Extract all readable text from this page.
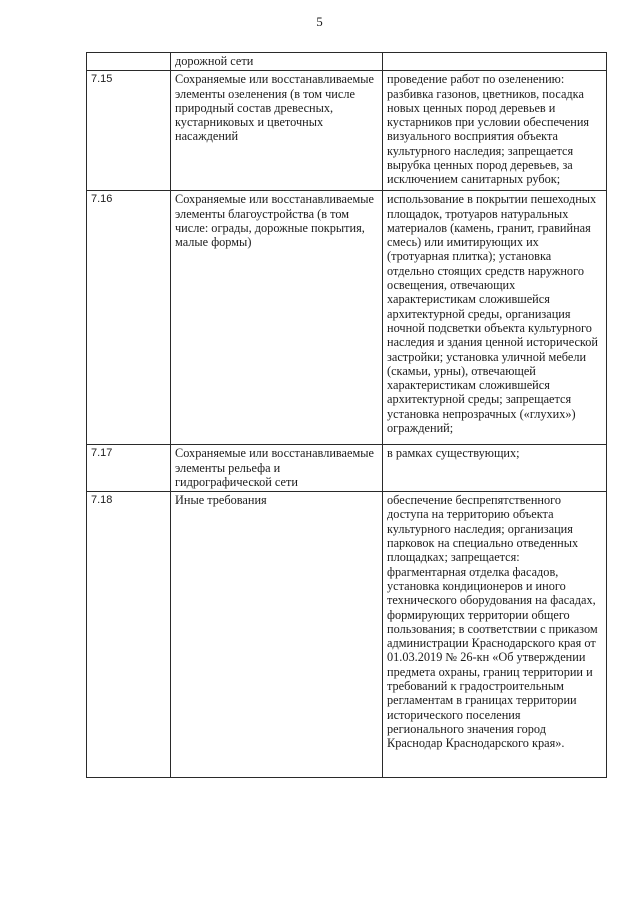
5
	дорожной сети	
7.15	Сохраняемые или восстанавливаемые элементы озеленения (в том числе природный состав древесных, кустарниковых и цветочных насаждений	проведение работ по озеленению: разбивка газонов, цветников, посадка новых ценных пород деревьев и кустарников при условии обеспечения визуального восприятия объекта культурного наследия; запрещается вырубка ценных пород деревьев, за исключением санитарных рубок;
7.16	Сохраняемые или восстанавливаемые элементы благоустройства (в том числе: ограды, дорожные покрытия, малые формы)	использование в покрытии пешеходных площадок, тротуаров натуральных материалов (камень, гранит, гравийная смесь) или имитирующих их (тротуарная плитка); установка отдельно стоящих средств наружного освещения, отвечающих характеристикам сложившейся архитектурной среды, организация ночной подсветки объекта культурного наследия и здания ценной исторической застройки; установка уличной мебели (скамьи, урны), отвечающей характеристикам сложившейся архитектурной среды; запрещается установка непрозрачных («глухих») ограждений;
7.17	Сохраняемые или восстанавливаемые элементы рельефа и гидрографической сети	в рамках существующих;
7.18	Иные требования	обеспечение беспрепятственного доступа на территорию объекта культурного наследия; организация парковок на специально отведенных площадках; запрещается: фрагментарная отделка фасадов, установка кондиционеров и иного технического оборудования на фасадах, формирующих территории общего пользования; в соответствии с приказом администрации Краснодарского края от 01.03.2019 № 26-кн «Об утверждении предмета охраны, границ территории и требований к градостроительным регламентам в границах территории исторического поселения регионального значения город Краснодар Краснодарского края».
